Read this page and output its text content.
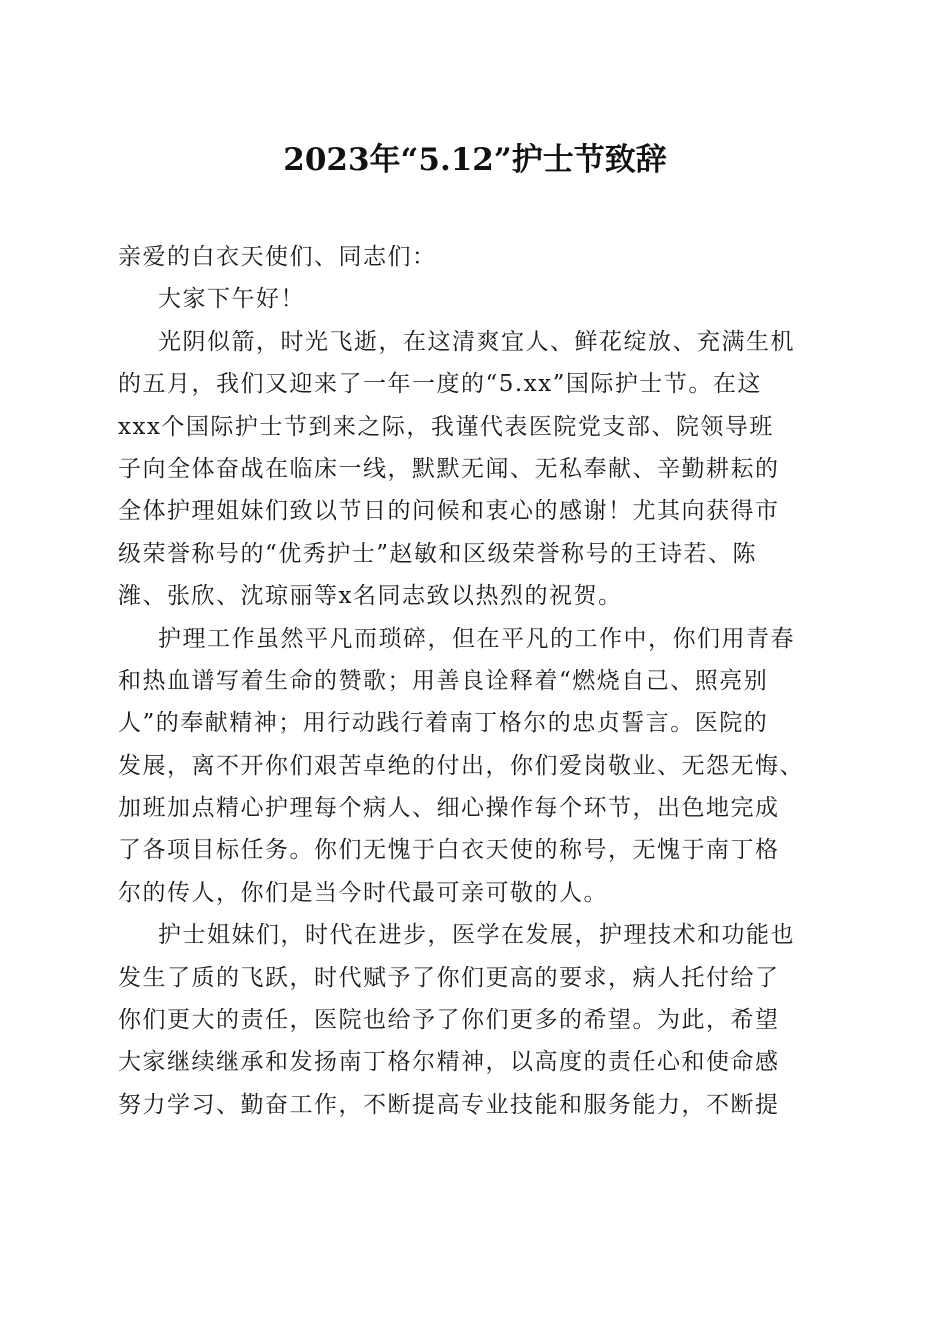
2023年“5.12”护士节致辞
亲爱的白衣天使们、同志们：
大家下午好！
光阴似箭，时光飞逝，在这清爽宜人、鲜花绽放、充满生机
的五月，我们又迎来了一年一度的“5.xx”国际护士节。在这
xxx个国际护士节到来之际，我谨代表医院党支部、院领导班
子向全体奋战在临床一线，默默无闻、无私奉献、辛勤耕耘的
全体护理姐妹们致以节日的问候和衷心的感谢！尤其向获得市
级荣誉称号的“优秀护士”赵敏和区级荣誉称号的王诗若、陈
潍、张欣、沈琼丽等x名同志致以热烈的祝贺。
护理工作虽然平凡而琐碎，但在平凡的工作中，你们用青春
和热血谱写着生命的赞歌；用善良诠释着“燃烧自己、照亮别
人”的奉献精神；用行动践行着南丁格尔的忠贞誓言。医院的
发展，离不开你们艰苦卓绝的付出，你们爱岗敬业、无怨无悔、
加班加点精心护理每个病人、细心操作每个环节，出色地完成
了各项目标任务。你们无愧于白衣天使的称号，无愧于南丁格
尔的传人，你们是当今时代最可亲可敬的人。
护士姐妹们，时代在进步，医学在发展，护理技术和功能也
发生了质的飞跃，时代赋予了你们更高的要求，病人托付给了
你们更大的责任，医院也给予了你们更多的希望。为此，希望
大家继续继承和发扬南丁格尔精神，以高度的责任心和使命感
努力学习、勤奋工作，不断提高专业技能和服务能力，不断提
